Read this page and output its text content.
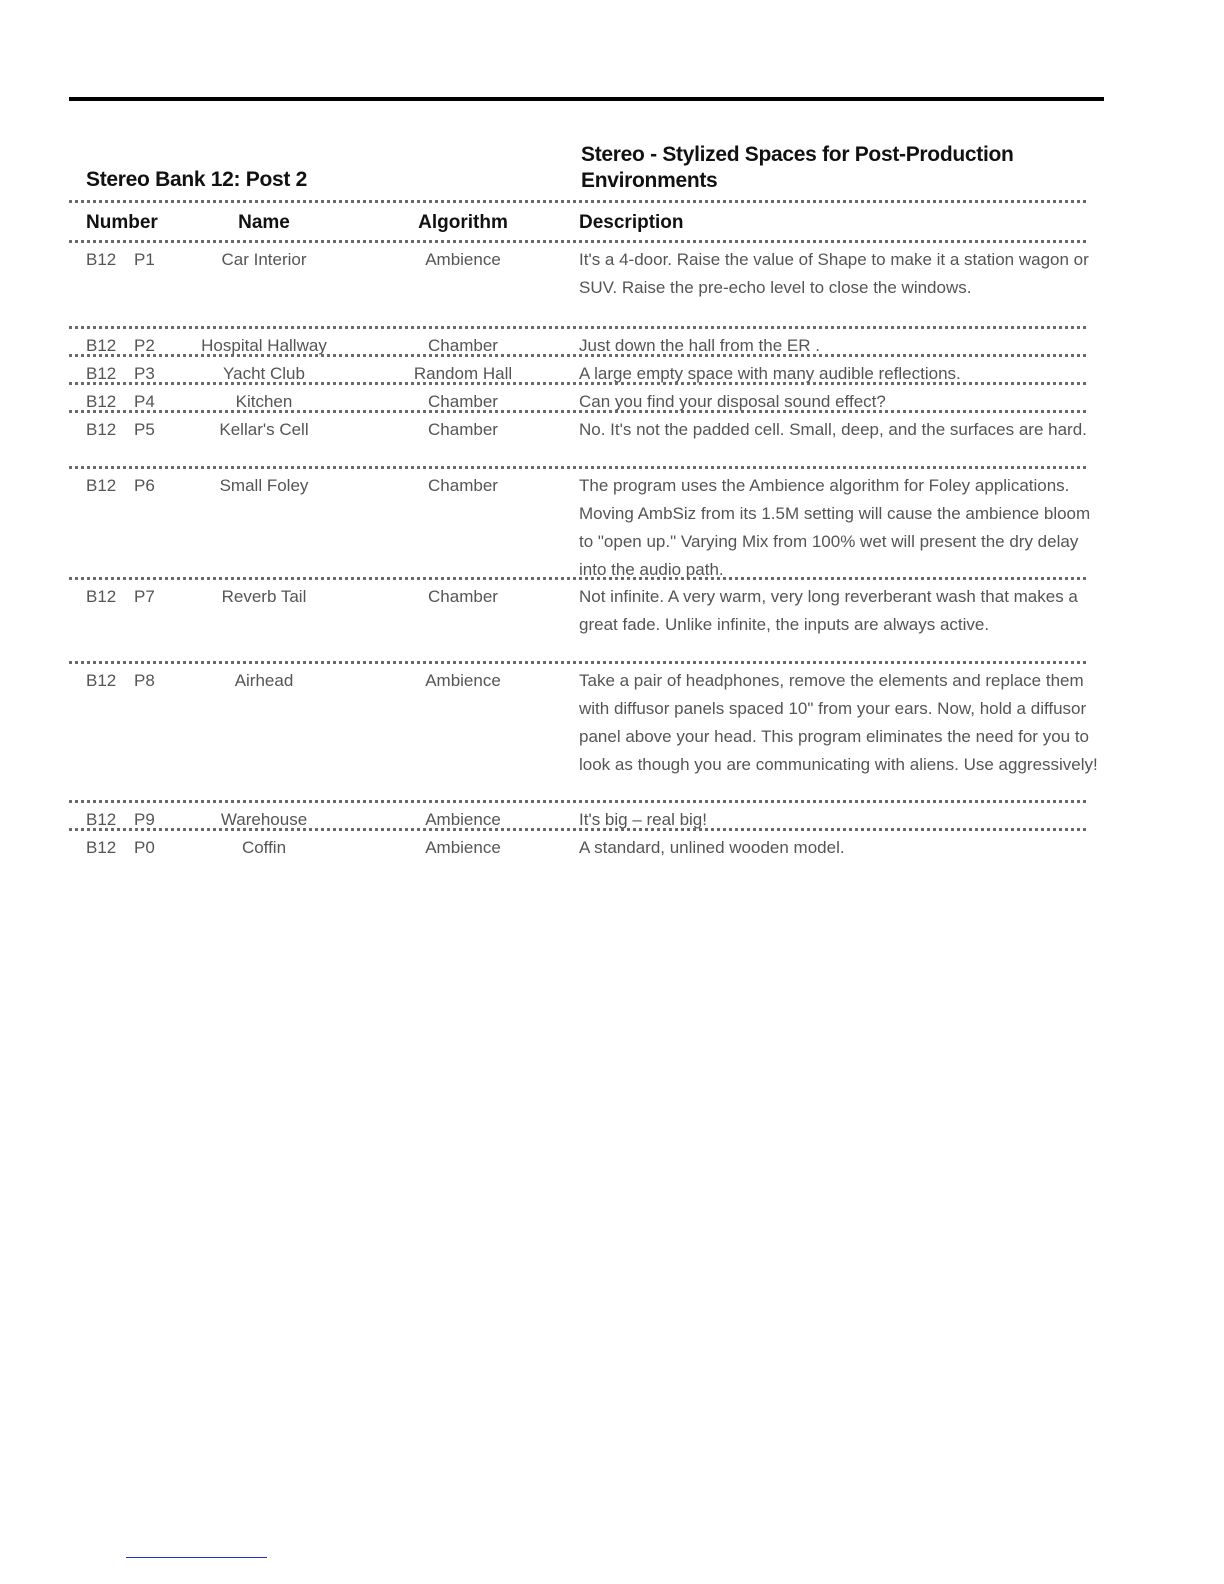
Stereo Bank 12: Post 2
Stereo - Stylized Spaces for Post-Production Environments
Number	Name	Algorithm	Description
B12 P1	Car Interior	Ambience	It's a 4-door. Raise the value of Shape to make it a station wagon or SUV. Raise the pre-echo level to close the windows.
B12 P2	Hospital Hallway	Chamber	Just down the hall from the ER .
B12 P3	Yacht Club	Random Hall	A large empty space with many audible reflections.
B12 P4	Kitchen	Chamber	Can you find your disposal sound effect?
B12 P5	Kellar's Cell	Chamber	No. It's not the padded cell. Small, deep, and the surfaces are hard.
B12 P6	Small Foley	Chamber	The program uses the Ambience algorithm for Foley applications. Moving AmbSiz from its 1.5M setting will cause the ambience bloom to "open up." Varying Mix from 100% wet will present the dry delay into the audio path.
B12 P7	Reverb Tail	Chamber	Not infinite. A very warm, very long reverberant wash that makes a great fade. Unlike infinite, the inputs are always active.
B12 P8	Airhead	Ambience	Take a pair of headphones, remove the elements and replace them with diffusor panels spaced 10" from your ears. Now, hold a diffusor panel above your head. This program eliminates the need for you to look as though you are communicating with aliens. Use aggressively!
B12 P9	Warehouse	Ambience	It's big – real big!
B12 P0	Coffin	Ambience	A standard, unlined wooden model.
